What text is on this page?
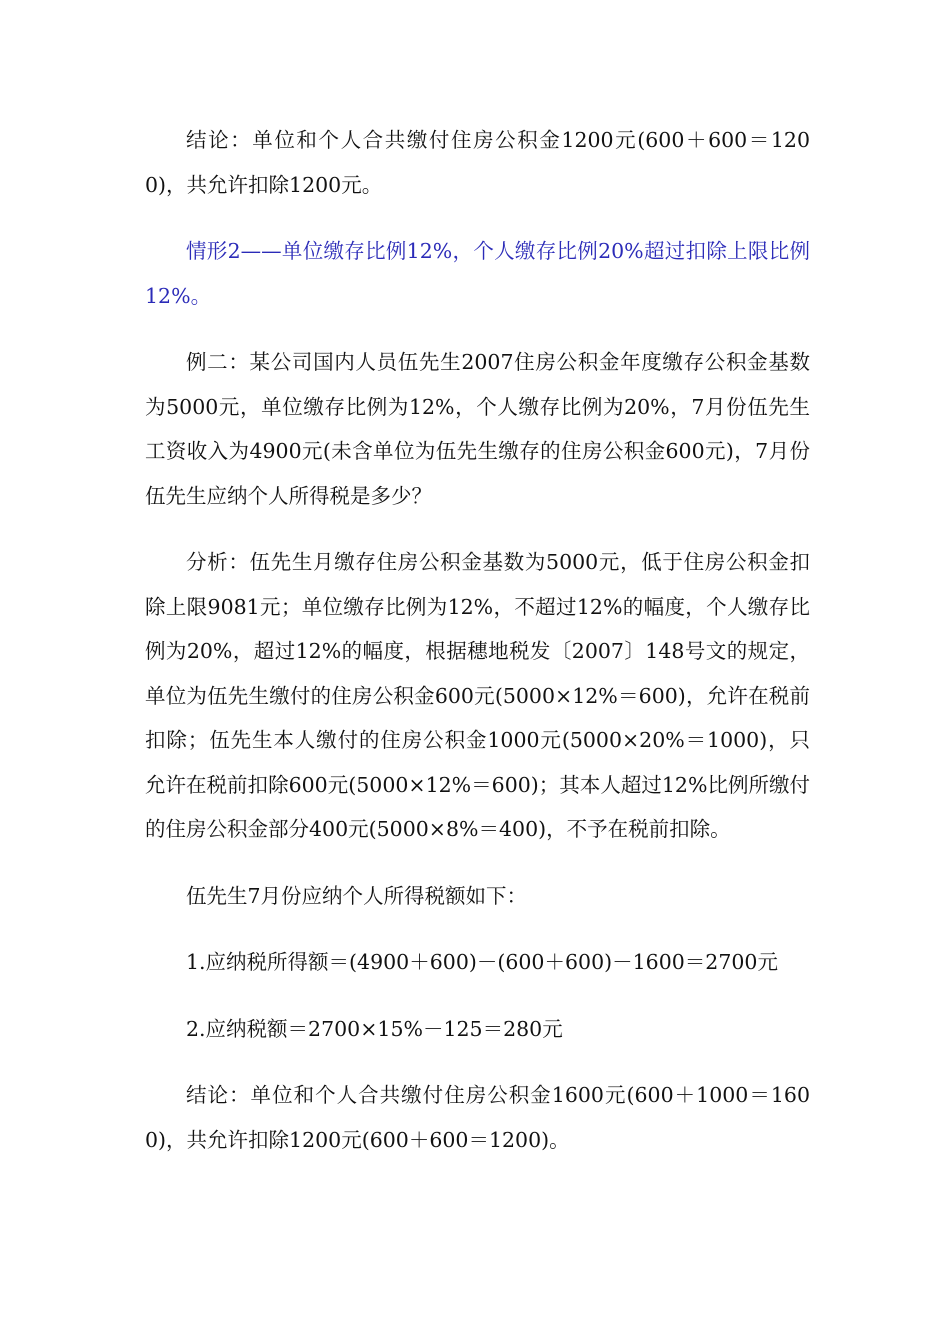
结论：单位和个人合共缴付住房公积金1200元(600＋600＝1200)，共允许扣除1200元。

情形2——单位缴存比例12%，个人缴存比例20%超过扣除上限比例12%。

例二：某公司国内人员伍先生2007住房公积金年度缴存公积金基数为5000元，单位缴存比例为12%，个人缴存比例为20%，7月份伍先生工资收入为4900元(未含单位为伍先生缴存的住房公积金600元)，7月份伍先生应纳个人所得税是多少？

分析：伍先生月缴存住房公积金基数为5000元，低于住房公积金扣除上限9081元；单位缴存比例为12%，不超过12%的幅度，个人缴存比例为20%，超过12%的幅度，根据穗地税发〔2007〕148号文的规定，单位为伍先生缴付的住房公积金600元(5000×12%＝600)，允许在税前扣除；伍先生本人缴付的住房公积金1000元(5000×20%＝1000)，只允许在税前扣除600元(5000×12%＝600)；其本人超过12%比例所缴付的住房公积金部分400元(5000×8%＝400)，不予在税前扣除。

伍先生7月份应纳个人所得税额如下：

1.应纳税所得额＝(4900＋600)－(600＋600)－1600＝2700元

2.应纳税额＝2700×15%－125＝280元

结论：单位和个人合共缴付住房公积金1600元(600＋1000＝1600)，共允许扣除1200元(600＋600＝1200)。
